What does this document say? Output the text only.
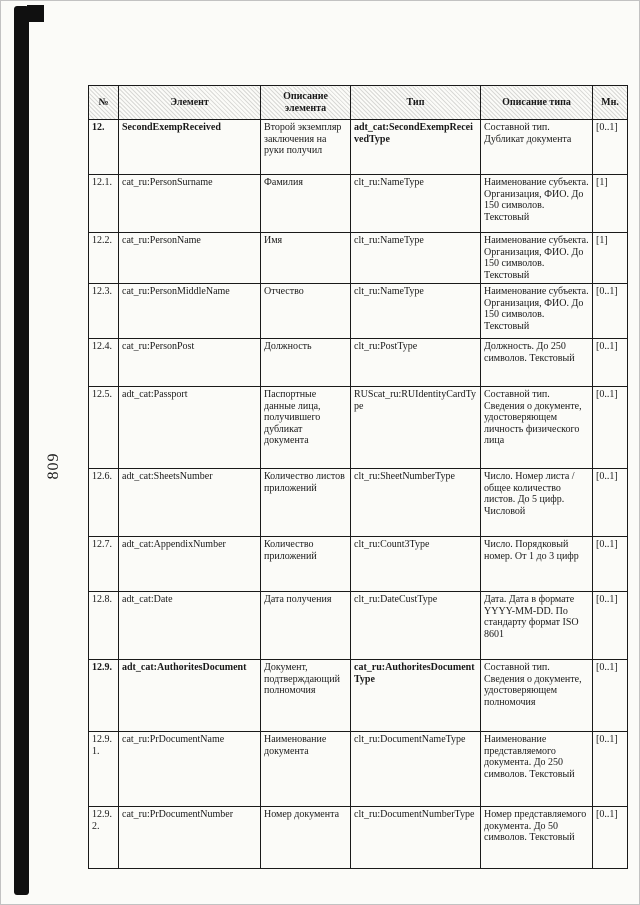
809
№	Элемент	Описание элемента	Тип	Описание типа	Мн.
12.	SecondExempReceived	Второй экземпляр заключения на руки получил	adt_cat:SecondExempReceivedType	Составной тип. Дубликат документа	[0..1]
12.1.	cat_ru:PersonSurname	Фамилия	clt_ru:NameType	Наименование субъекта. Организация, ФИО. До 150 символов. Текстовый	[1]
12.2.	cat_ru:PersonName	Имя	clt_ru:NameType	Наименование субъекта. Организация, ФИО. До 150 символов. Текстовый	[1]
12.3.	cat_ru:PersonMiddleName	Отчество	clt_ru:NameType	Наименование субъекта. Организация, ФИО. До 150 символов. Текстовый	[0..1]
12.4.	cat_ru:PersonPost	Должность	clt_ru:PostType	Должность. До 250 символов. Текстовый	[0..1]
12.5.	adt_cat:Passport	Паспортные данные лица, получившего дубликат документа	RUScat_ru:RUIdentityCardType	Составной тип. Сведения о документе, удостоверяющем личность физического лица	[0..1]
12.6.	adt_cat:SheetsNumber	Количество листов приложений	clt_ru:SheetNumberType	Число. Номер листа / общее количество листов. До 5 цифр. Числовой	[0..1]
12.7.	adt_cat:AppendixNumber	Количество приложений	clt_ru:Count3Type	Число. Порядковый номер. От 1 до 3 цифр	[0..1]
12.8.	adt_cat:Date	Дата получения	clt_ru:DateCustType	Дата. Дата в формате YYYY-MM-DD. По стандарту формат ISO 8601	[0..1]
12.9.	adt_cat:AuthoritesDocument	Документ, подтверждающий полномочия	cat_ru:AuthoritesDocumentType	Составной тип. Сведения о документе, удостоверяющем полномочия	[0..1]
12.9.1.	cat_ru:PrDocumentName	Наименование документа	clt_ru:DocumentNameType	Наименование представляемого документа. До 250 символов. Текстовый	[0..1]
12.9.2.	cat_ru:PrDocumentNumber	Номер документа	clt_ru:DocumentNumberType	Номер представляемого документа. До 50 символов. Текстовый	[0..1]
